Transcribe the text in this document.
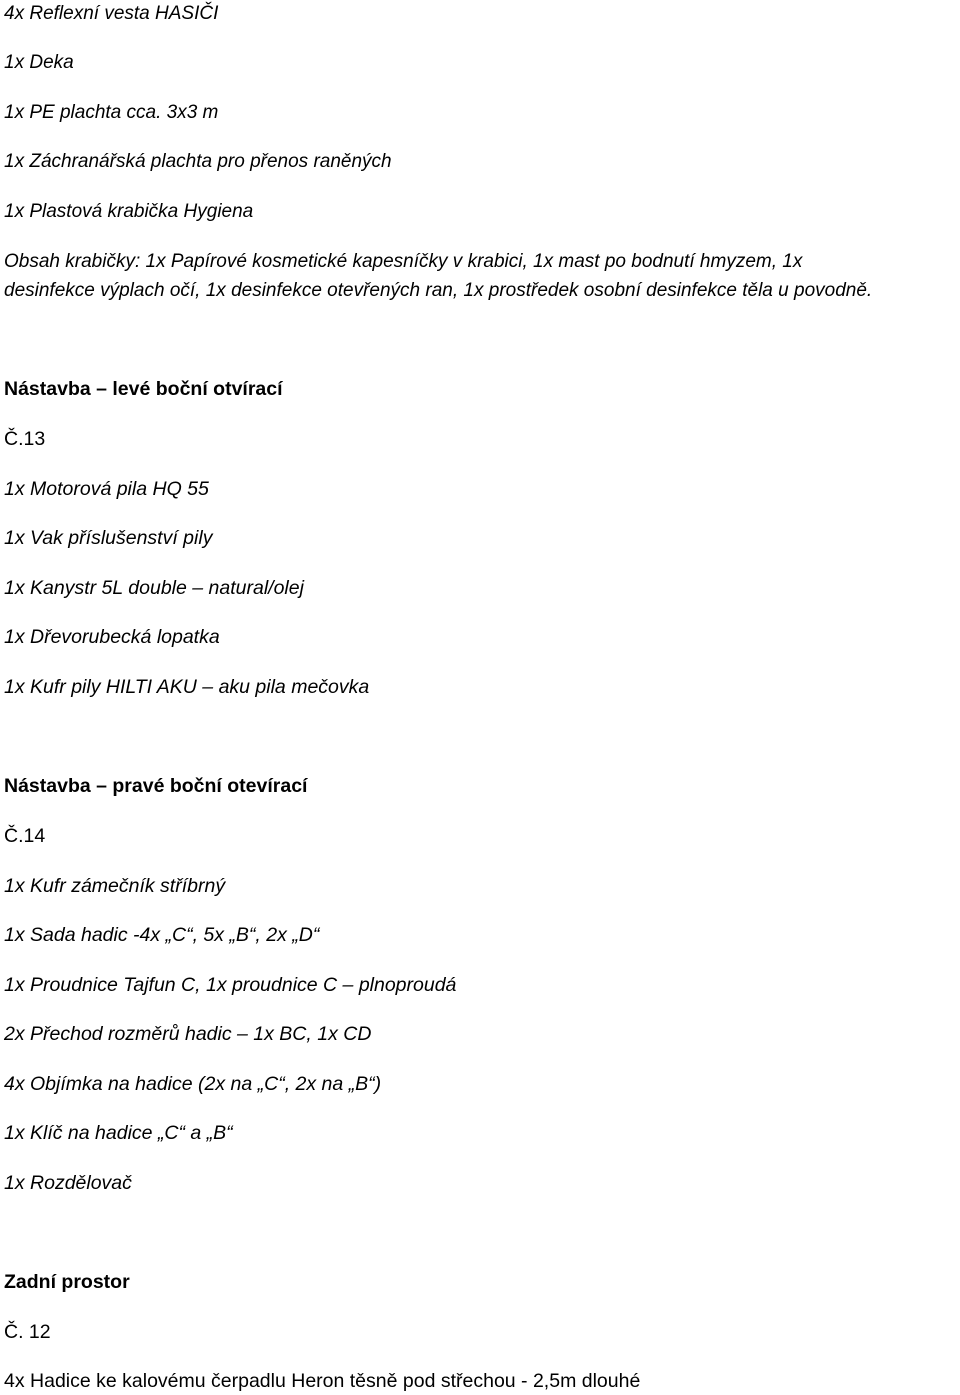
4x Reflexní vesta HASIČI

1x Deka

1x PE plachta cca. 3x3 m

1x Záchranářská plachta pro přenos raněných

1x Plastová krabička Hygiena

Obsah krabičky: 1x Papírové kosmetické kapesníčky v krabici, 1x mast po bodnutí hmyzem, 1x

desinfekce výplach očí, 1x desinfekce otevřených ran, 1x prostředek osobní desinfekce těla u povodně.

Nástavba – levé boční otvírací

Č.13

1x Motorová pila HQ 55

1x Vak příslušenství pily

1x Kanystr 5L double – natural/olej

1x Dřevorubecká lopatka

1x Kufr pily HILTI AKU – aku pila mečovka

Nástavba – pravé boční otevírací

Č.14

1x Kufr zámečník stříbrný

1x Sada hadic -4x „C“, 5x „B“, 2x „D“

1x Proudnice Tajfun C, 1x proudnice C – plnoproudá

2x Přechod rozměrů hadic – 1x BC, 1x CD

4x Objímka na hadice (2x na „C“, 2x na „B“)

1x Klíč na hadice „C“ a „B“

1x Rozdělovač

Zadní prostor

Č. 12

4x Hadice ke kalovému čerpadlu Heron těsně pod střechou - 2,5m dlouhé
